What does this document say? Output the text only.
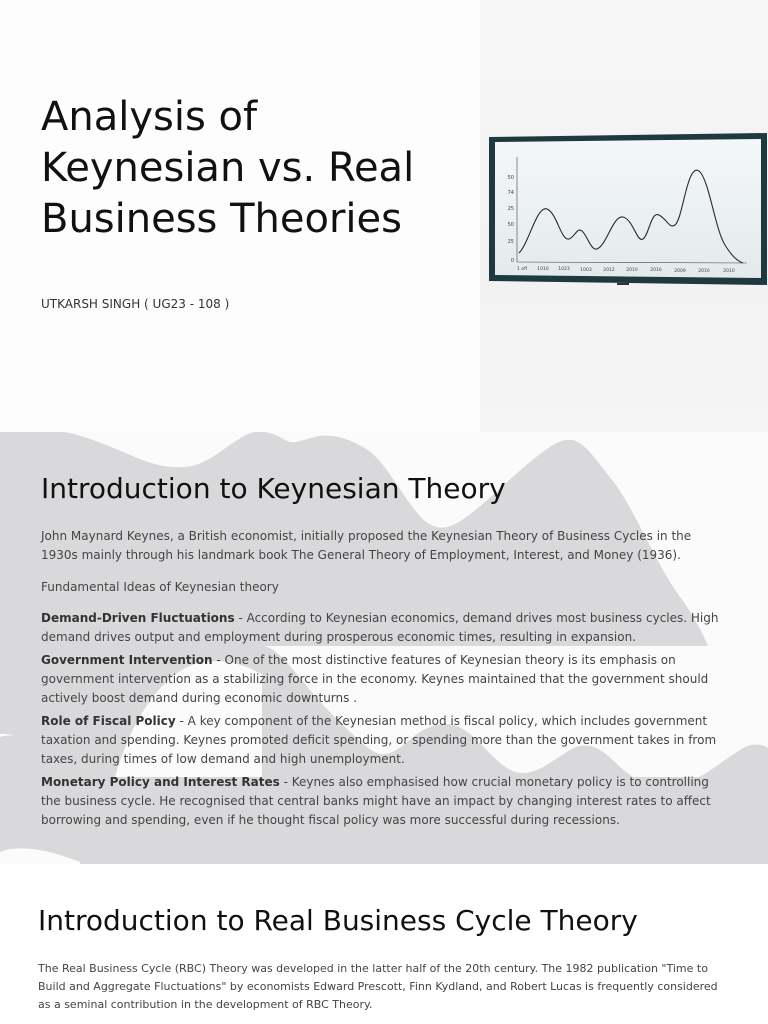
50
74
25
50
25
0
1 off 1010 1023 1003	2012	2010	2016	2009	2016	2010
Analysis of Keynesian vs. Real Business Theories

UTKARSH SINGH ( UG23 - 108 )

Introduction to Keynesian Theory

John Maynard Keynes, a British economist, initially proposed the Keynesian Theory of Business Cycles in the 1930s mainly through his landmark book The General Theory of Employment, Interest, and Money (1936).

Fundamental Ideas of Keynesian theory

Demand-Driven Fluctuations - According to Keynesian economics, demand drives most business cycles. High demand drives output and employment during prosperous economic times, resulting in expansion.

Government Intervention - One of the most distinctive features of Keynesian theory is its emphasis on government intervention as a stabilizing force in the economy. Keynes maintained that the government should actively boost demand during economic downturns .

Role of Fiscal Policy - A key component of the Keynesian method is fiscal policy, which includes government taxation and spending. Keynes promoted deficit spending, or spending more than the government takes in from taxes, during times of low demand and high unemployment.

Monetary Policy and Interest Rates - Keynes also emphasised how crucial monetary policy is to controlling the business cycle. He recognised that central banks might have an impact by changing interest rates to affect borrowing and spending, even if he thought fiscal policy was more successful during recessions.

Introduction to Real Business Cycle Theory

The Real Business Cycle (RBC) Theory was developed in the latter half of the 20th century. The 1982 publication "Time to Build and Aggregate Fluctuations" by economists Edward Prescott, Finn Kydland, and Robert Lucas is frequently considered as a seminal contribution in the development of RBC Theory.
